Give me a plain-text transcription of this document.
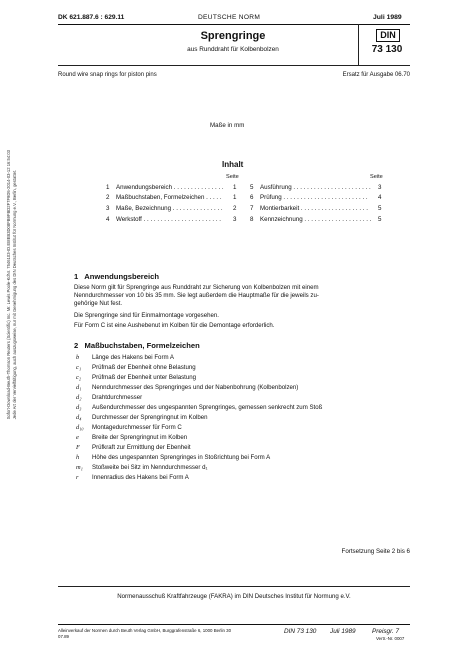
Sofort-Download-Beuth-Thomson Reuters (Scientific) Inc. Mr. Lewis Poole-KdNr. 7546103-ID.EI8EB3D08FB9FBD2F7F9D5-2014-03-12 16:54:03 Jede Art der Vervielfältigung, auch auszugsweise, nur mit Genehmigung des DIN Deutsches Institut für Normung e.V., Berlin, gestattet.
DK 621.887.6 : 629.11	DEUTSCHE NORM	Juli 1989
Sprengringe
aus Runddraht für Kolbenbolzen
DIN
73 130
Round wire snap rings for piston pins	Ersatz für Ausgabe 06.70
Maße in mm
Inhalt
Seite	Seite
1 Anwendungsbereich . . . . . . . . . . . . . . . 1
2 Maßbuchstaben, Formelzeichen . . . . . 1
3 Maße, Bezeichnung . . . . . . . . . . . . . . . 2
4 Werkstoff . . . . . . . . . . . . . . . . . . . . . . . 3
5 Ausführung . . . . . . . . . . . . . . . . . . . . . . . 3
6 Prüfung . . . . . . . . . . . . . . . . . . . . . . . . . 4
7 Montierbarkeit . . . . . . . . . . . . . . . . . . . . 5
8 Kennzeichnung . . . . . . . . . . . . . . . . . . . . 5
1   Anwendungsbereich
Diese Norm gilt für Sprengringe aus Runddraht zur Sicherung von Kolbenbolzen mit einem
Nenndurchmesser von 10 bis 35 mm. Sie legt außerdem die Hauptmaße für die jeweils zu-
gehörige Nut fest.
Die Sprengringe sind für Einmalmontage vorgesehen.
Für Form C ist eine Aushebenut im Kolben für die Demontage erforderlich.
2   Maßbuchstaben, Formelzeichen
b Länge des Hakens bei Form A
c₁ Prüfmaß der Ebenheit ohne Belastung
c₂ Prüfmaß der Ebenheit unter Belastung
d₁ Nenndurchmesser des Sprengringes und der Nabenbohrung (Kolbenbolzen)
d₂ Drahtdurchmesser
d₃ Außendurchmesser des ungespannten Sprengringes, gemessen senkrecht zum Stoß
d₄ Durchmesser der Sprengringnut im Kolben
d₁₀ Montagedurchmesser für Form C
e Breite der Sprengringnut im Kolben
F Prüfkraft zur Ermittlung der Ebenheit
h Höhe des ungespannten Sprengringes in Stoßrichtung bei Form A
m₁ Stoßweite bei Sitz im Nenndurchmesser d₁
r Innenradius des Hakens bei Form A
Fortsetzung Seite 2 bis 6
Normenausschuß Kraftfahrzeuge (FAKRA) im DIN Deutsches Institut für Normung e.V.
Alleinverkauf der Normen durch Beuth Verlag GmbH, Burggrafenstraße 6, 1000 Berlin 30
07.89
DIN 73 130 Juli 1989	Preisgr. 7
Vertr.-Nr. 0007
